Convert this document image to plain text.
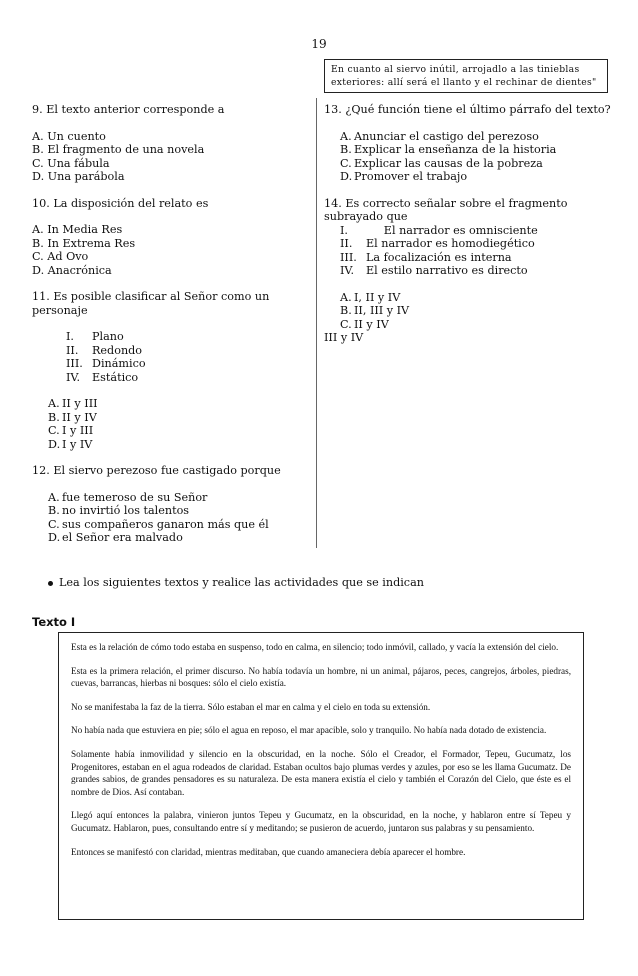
19
En cuanto al siervo inútil, arrojadlo a las tinieblas exteriores: allí será el llanto y el rechinar de dientes"

9. El texto anterior corresponde a

A. Un cuento

B. El fragmento de una novela

C. Una fábula

D. Una parábola

10. La disposición del relato es

A. In Media Res

B. In Extrema Res

C. Ad Ovo

D. Anacrónica

11. Es posible clasificar al Señor como un personaje

I. Plano

II. Redondo

III. Dinámico

IV. Estático

A. II y III

B. II y IV

C. I y III

D. I y IV

12. El siervo perezoso fue castigado porque

A. fue temeroso de su Señor

B. no invirtió los talentos

C. sus compañeros ganaron más que él

D. el Señor era malvado

13. ¿Qué función tiene el último párrafo del texto?

A. Anunciar el castigo del perezoso

B. Explicar la enseñanza de la historia

C. Explicar las causas de la pobreza

D. Promover el trabajo

14. Es correcto señalar sobre el fragmento subrayado que

I.     El narrador es omnisciente

II. El narrador es homodiegético

III. La focalización es interna

IV. El estilo narrativo es directo

A. I, II y IV

B. II, III y IV

C. II y IV

III y IV

Lea los siguientes textos y realice las actividades que se indican
Texto I

Esta es la relación de cómo todo estaba en suspenso, todo en calma, en silencio; todo inmóvil, callado, y vacía la extensión del cielo.

Esta es la primera relación, el primer discurso. No había todavía un hombre, ni un animal, pájaros, peces, cangrejos, árboles, piedras, cuevas, barrancas, hierbas ni bosques: sólo el cielo existía.

No se manifestaba la faz de la tierra. Sólo estaban el mar en calma y el cielo en toda su extensión.

No había nada que estuviera en pie; sólo el agua en reposo, el mar apacible, solo y tranquilo. No había nada dotado de existencia.

Solamente había inmovilidad y silencio en la obscuridad, en la noche. Sólo el Creador, el Formador, Tepeu, Gucumatz, los Progenitores, estaban en el agua rodeados de claridad. Estaban ocultos bajo plumas verdes y azules, por eso se les llama Gucumatz. De grandes sabios, de grandes pensadores es su naturaleza. De esta manera existía el cielo y también el Corazón del Cielo, que éste es el nombre de Dios. Así contaban.

Llegó aquí entonces la palabra, vinieron juntos Tepeu y Gucumatz, en la obscuridad, en la noche, y hablaron entre sí Tepeu y Gucumatz. Hablaron, pues, consultando entre sí y meditando; se pusieron de acuerdo, juntaron sus palabras y su pensamiento.

Entonces se manifestó con claridad, mientras meditaban, que cuando amaneciera debía aparecer el hombre.
